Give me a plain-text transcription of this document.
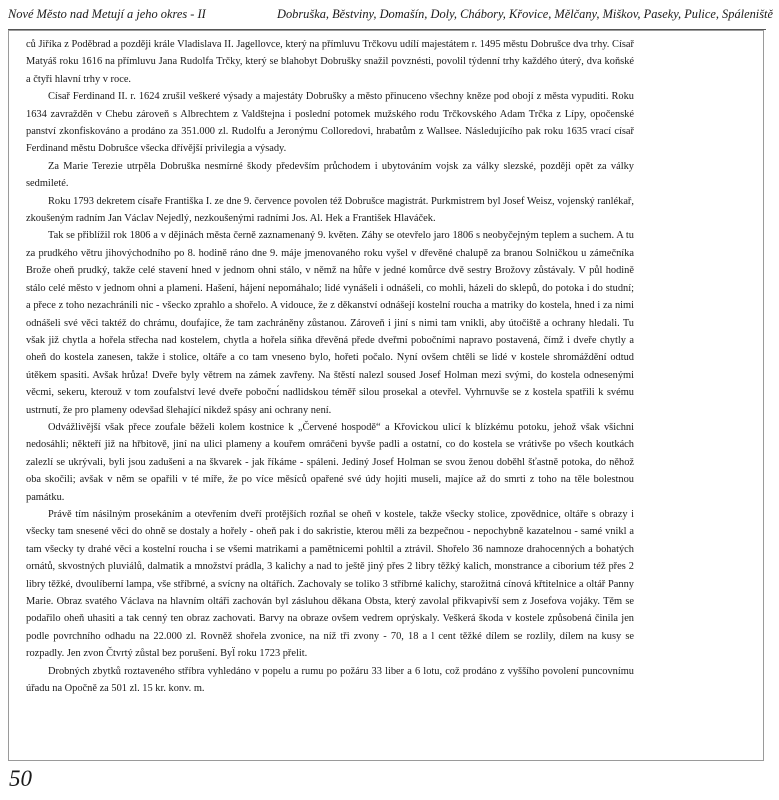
Nové Město nad Metují a jeho okres - II	Dobruška, Běstviny, Domašín, Doly, Chábory, Křovice, Mělčany, Miškov, Paseky, Pulice, Spáleniště

ců Jiříka z Poděbrad a později krále Vladislava II. Jagellovce, který na přímluvu Trčkovu udílí majestátem r. 1495 městu Dobrušce dva trhy. Císař Matyáš roku 1616 na přímluvu Jana Rudolfa Trčky, který se blahobyt Dobrušky snažil povznésti, povolil týdenní trhy každého úterý, dva koňské a čtyři hlavní trhy v roce.

Císař Ferdinand II. r. 1624 zrušil veškeré výsady a majestáty Dobrušky a město přinuceno všechny kněze pod obojí z města vypuditi. Roku 1634 zavražděn v Chebu zároveň s Albrechtem z Valdštejna i poslední potomek mužského rodu Trčkovského Adam Trčka z Lípy, opočenské panství zkonfiskováno a prodáno za 351.000 zl. Rudolfu a Jeronýmu Colloredovi, hrabatům z Wallsee. Následujícího pak roku 1635 vrací císař Ferdinand městu Dobrušce všecka dřívější privilegia a výsady.

Za Marie Terezie utrpěla Dobruška nesmírné škody především průchodem i ubytováním vojsk za války slezské, později opět za války sedmileté.

Roku 1793 dekretem císaře Františka I. ze dne 9. července povolen též Dobrušce magistrát. Purkmistrem byl Josef Weisz, vojenský ranlékař, zkoušeným radním Jan Václav Nejedlý, nezkoušenými radními Jos. Al. Hek a František Hlaváček.

Tak se přiblížil rok 1806 a v dějinách města černě zaznamenaný 9. květen. Záhy se otevřelo jaro 1806 s neobyčejným teplem a suchem. A tu za prudkého větru jihovýchodního po 8. hodině ráno dne 9. máje jmenovaného roku vyšel v dřevěné chalupě za branou Solničkou u zámečníka Brože oheň prudký, takže celé stavení hned v jednom ohni stálo, v němž na hůře v jedné komůrce dvě sestry Brožovy zůstávaly. V půl hodině stálo celé město v jednom ohni a plameni. Hašení, hájení nepomáhalo; lidé vynášeli i odnášeli, co mohli, házeli do sklepů, do potoka i do studní; a přece z toho nezachránili nic - všecko zprahlo a shořelo. A vidouce, že z děkanství odnášejí kostelní roucha a matriky do kostela, hned i za nimi odnášeli své věci taktéž do chrámu, doufajíce, že tam zachráněny zůstanou. Zároveň i jiní s nimi tam vnikli, aby útočiště a ochrany hledali. Tu však již chytla a hořela střecha nad kostelem, chytla a hořela síňka dřevěná přede dveřmi pobočními napravo postavená, čímž i dveře chytly a oheň do kostela zanesen, takže i stolice, oltáře a co tam vneseno bylo, hořeti počalo. Nyní ovšem chtěli se lidé v kostele shromáždění odtud útěkem spasiti. Avšak hrůza! Dveře byly větrem na zámek zavřeny. Na štěstí nalezl soused Josef Holman mezi svými, do kostela odnesenými věcmi, sekeru, kterouž v tom zoufalství levé dveře pobočnı́ nadlidskou téměř silou prosekal a otevřel. Vyhrnuvše se z kostela spatřili k svému ustrnutí, že pro plameny odevšad šlehající nikdež spásy ani ochrany není.

Odvážlivější však přece zoufale běželi kolem kostnice k „Červené hospodě“ a Křovickou ulicí k blízkému potoku, jehož však všichni nedosáhli; někteří již na hřbitově, jiní na ulici plameny a kouřem omráčeni byvše padli a ostatní, co do kostela se vrátivše po všech koutkách zalezlí se ukrývali, byli jsou zadušeni a na škvarek - jak říkáme - spáleni. Jediný Josef Holman se svou ženou doběhl šťastně potoka, do něhož oba skočili; avšak v něm se opařili v té míře, že po více měsíců opařené své údy hojiti museli, majíce až do smrti z toho na těle bolestnou památku.

Právě tím násilným prosekáním a otevřením dveří protějších rozňal se oheň v kostele, takže všecky stolice, zpovědnice, oltáře s obrazy i všecky tam snesené věci do ohně se dostaly a hořely - oheň pak i do sakristie, kterou měli za bezpečnou - nepochybně kazatelnou - samé vnikl a tam všecky ty drahé věci a kostelní roucha i se všemi matrikami a pamětnicemi pohltil a ztrávil. Shořelo 36 namnoze drahocenných a bohatých ornátů, skvostných pluviálů, dalmatik a množství prádla, 3 kalichy a nad to ještě jiný přes 2 libry těžký kalich, monstrance a ciborium též přes 2 libry těžké, dvoulíberní lampa, vše stříbrné, a svícny na oltářích. Zachovaly se toliko 3 stříbrné kalichy, starožitná cínová křtitelnice a oltář Panny Marie. Obraz svatého Václava na hlavním oltáři zachován byl zásluhou děkana Obsta, který zavolal přikvapivší sem z Josefova vojáky. Těm se podařilo oheň uhasiti a tak cenný ten obraz zachovati. Barvy na obraze ovšem vedrem oprýskaly. Veškerá škoda v kostele způsobená činila jen podle povrchního odhadu na 22.000 zl. Rovněž shořela zvonice, na níž tři zvony - 70, 18 a l cent těžké dílem se rozlily, dílem na kusy se rozpadly. Jen zvon Čtvrtý zůstal bez porušení. Byl̈ roku 1723 přelit.

Drobných zbytků roztaveného stříbra vyhledáno v popelu a rumu po požáru 33 liber a 6 lotu, což prodáno z vyššího povolení puncovnímu úřadu na Opočně za 501 zl. 15 kr. konv. m.

50
